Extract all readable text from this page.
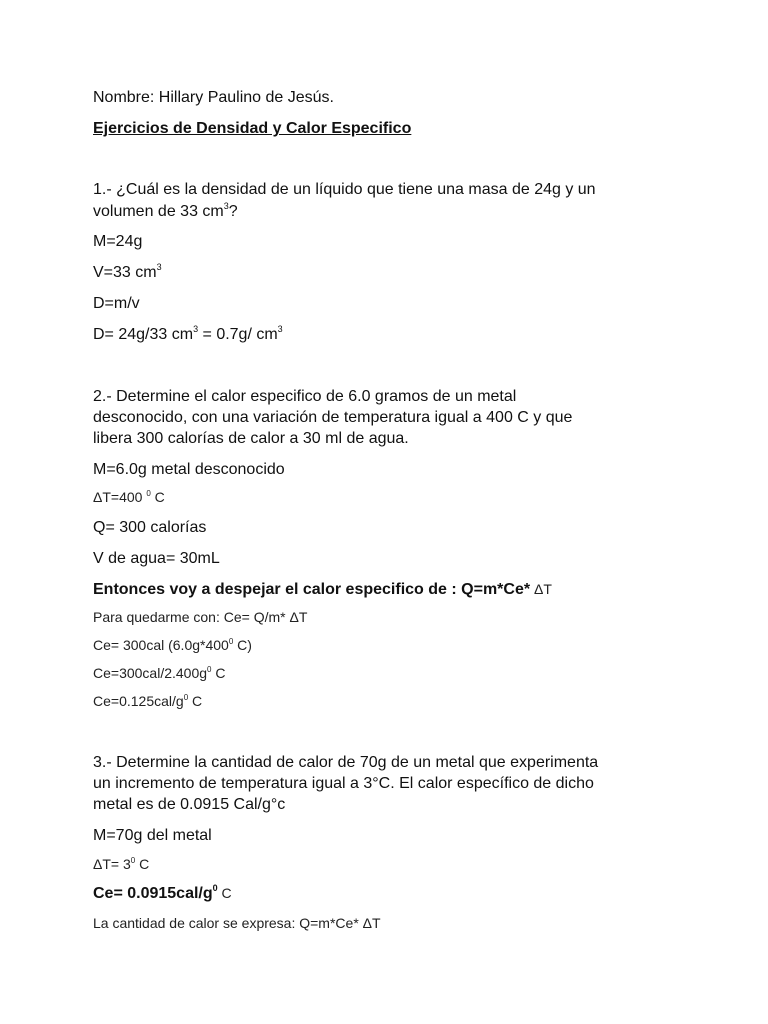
Nombre: Hillary Paulino de Jesús.
Ejercicios de Densidad y Calor Especifico
1.- ¿Cuál es la densidad de un líquido que tiene una masa de 24g y un
volumen de 33 $cm^3$?
M=24g
V=33 $cm^3$
D=m/v
D= 24g/33 $cm^3 = 0.7g/$ $cm^3$
2.- Determine el calor especifico de 6.0 gramos de un metal
desconocido, con una variación de temperatura igual a 400 C y que
libera 300 calorías de calor a 30 ml de agua.
M=6.0g metal desconocido
ΔT=400 $^0$ C
Q= 300 calorías
V de agua= 30mL
Entonces voy a despejar el calor especifico de : Q=m*Ce* ΔT
Para quedarme con: Ce= Q/m* ΔT
Ce= 300cal ($6.0g*400^0$ C)
$Ce=300cal/2.400g^0$ C
$Ce=0.125cal/g^0$ C
3.- Determine la cantidad de calor de 70g de un metal que experimenta
un incremento de temperatura igual a 3°C. El calor específico de dicho
metal es de 0.0915 Cal/g°c
M=70g del metal
$\Delta T= 3^0$ C
$Ce= 0.0915cal/g^0$ C
La cantidad de calor se expresa: Q=m*Ce* ΔT
